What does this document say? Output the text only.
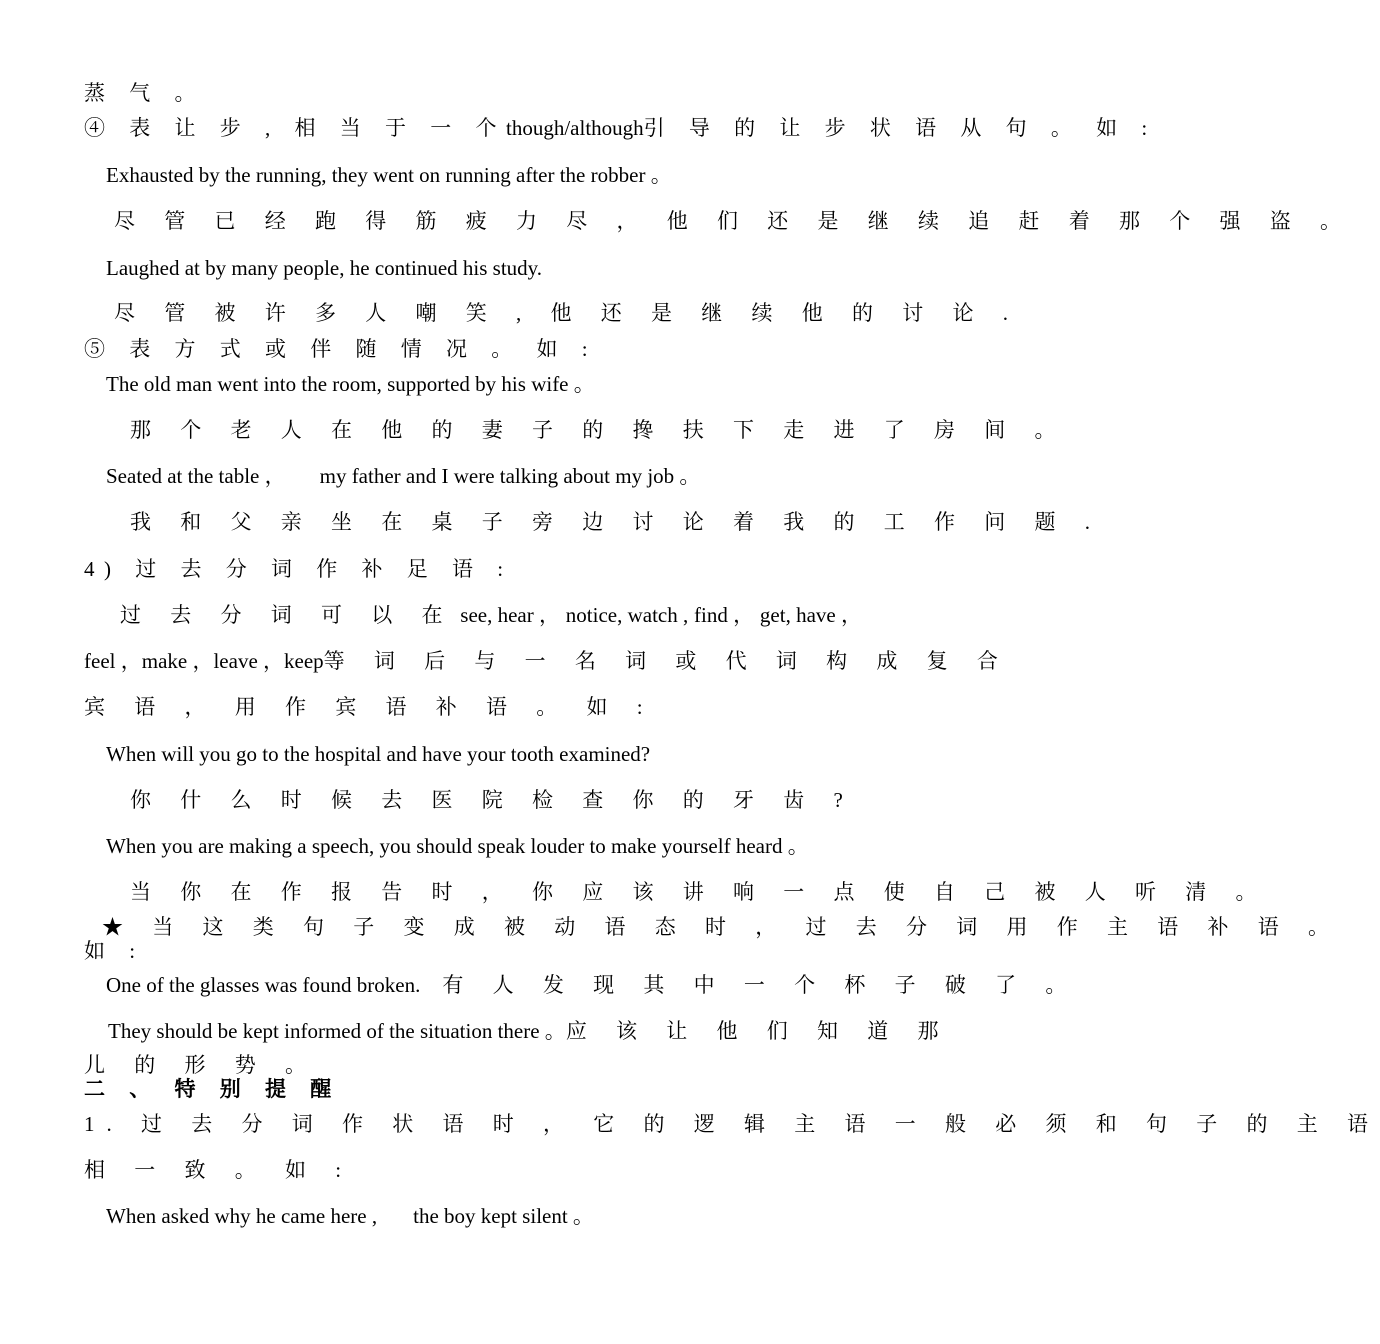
蒸 气 。
④ 表 让 步 , 相 当 于 一 个 though/although 引 导 的 让 步 状 语 从 句 。 如 :
Exhausted by the running, they went on running after the robber 。
尽 管 已 经 跑 得 筋 疲 力 尽 ， 他 们 还 是 继 续 追 赶 着 那 个 强 盗 。
Laughed at by many people, he continued his study.
尽 管 被 许 多 人 嘲 笑 , 他 还 是 继 续 他 的 讨 论 .
⑤ 表 方 式 或 伴 随 情 况 。 如 :
The old man went into the room, supported by his wife 。
那 个 老 人 在 他 的 妻 子 的 搀 扶 下 走 进 了 房 间 。
Seated at the table ， my father and I were talking about my job 。
我 和 父 亲 坐 在 桌 子 旁 边 讨 论 着 我 的 工 作 问 题 .
4) 过 去 分 词 作 补 足 语 :
过 去 分 词 可 以 在 see, hear ， notice, watch , find ， get, have ，
feel ， make ， leave ， keep等 词 后 与 一 名 词 或 代 词 构 成 复 合
宾 语 ， 用 作 宾 语 补 语 。 如 :
When will you go to the hospital and have your tooth examined?
你 什 么 时 候 去 医 院 检 查 你 的 牙 齿 ?
When you are making a speech, you should speak louder to make yourself heard 。
当 你 在 作 报 告 时 ， 你 应 该 讲 响 一 点 使 自 己 被 人 听 清 。
★ 当 这 类 句 子 变 成 被 动 语 态 时 ， 过 去 分 词 用 作 主 语 补 语 。
如 :
One of the glasses was found broken. 有 人 发 现 其 中 一 个 杯 子 破 了 。
They should be kept informed of the situation there 。 应 该 让 他 们 知 道 那
儿 的 形 势 。
二 、 特 别 提 醒
1. 过 去 分 词 作 状 语 时 ， 它 的 逻 辑 主 语 一 般 必 须 和 句 子 的 主 语
相 一 致 。 如 :
When asked why he came here , the boy kept silent 。
